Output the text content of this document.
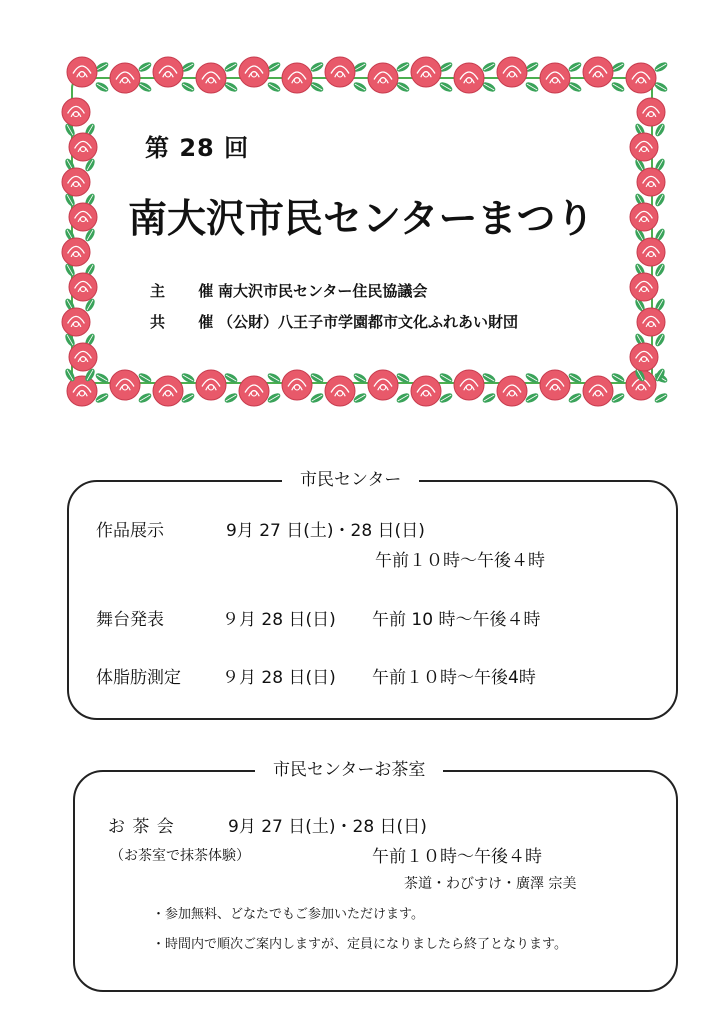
第 28 回
南大沢市民センターまつり
主 催南大沢市民センター住民協議会
共 催（公財）八王子市学園都市文化ふれあい財団
市民センター
作品展示	9月 27 日(土)・28 日(日)
午前１０時〜午後４時
舞台発表	９月 28 日(日) 午前 10 時〜午後４時
体脂肪測定 ９月 28 日(日) 午前１０時〜午後4時
市民センターお茶室
お 茶 会	9月 27 日(土)・28 日(日)
（お茶室で抹茶体験）	午前１０時〜午後４時
茶道・わびすけ・廣澤 宗美
・参加無料、どなたでもご参加いただけます。
・時間内で順次ご案内しますが、定員になりましたら終了となります。
